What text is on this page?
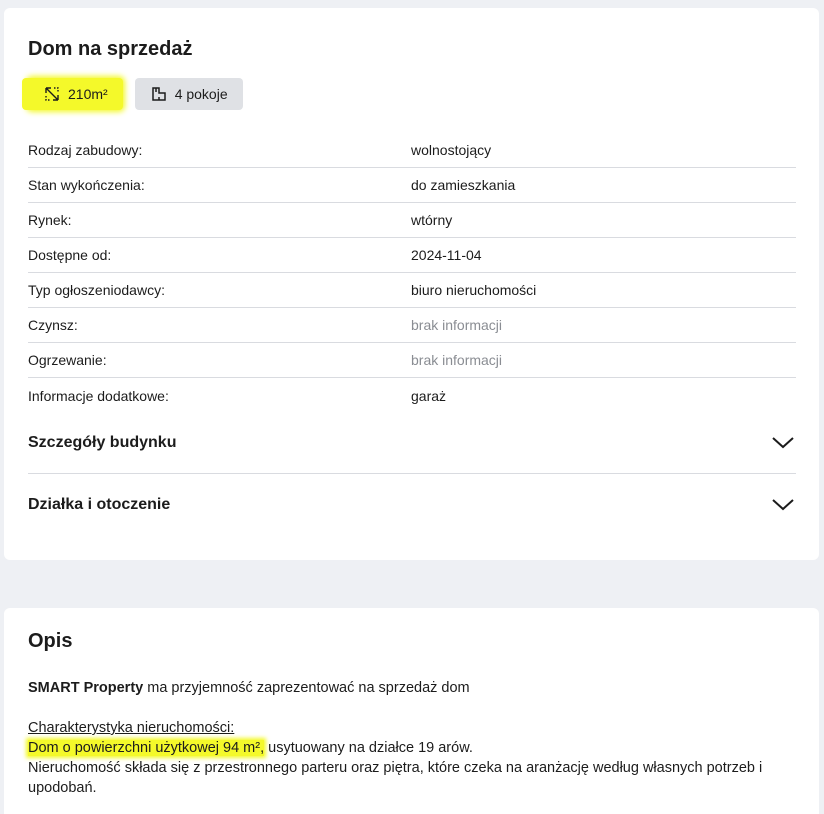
Dom na sprzedaż
210m²	4 pokoje
Rodzaj zabudowy:	wolnostojący
Stan wykończenia:	do zamieszkania
Rynek:	wtórny
Dostępne od:	2024-11-04
Typ ogłoszeniodawcy:	biuro nieruchomości
Czynsz:	brak informacji
Ogrzewanie:	brak informacji
Informacje dodatkowe:	garaż
Szczegóły budynku
Działka i otoczenie
Opis

SMART Property ma przyjemność zaprezentować na sprzedaż dom

Charakterystyka nieruchomości:

Dom o powierzchni użytkowej 94 m², usytuowany na działce 19 arów.

Nieruchomość składa się z przestronnego parteru oraz piętra, które czeka na aranżację według własnych potrzeb i upodobań.
